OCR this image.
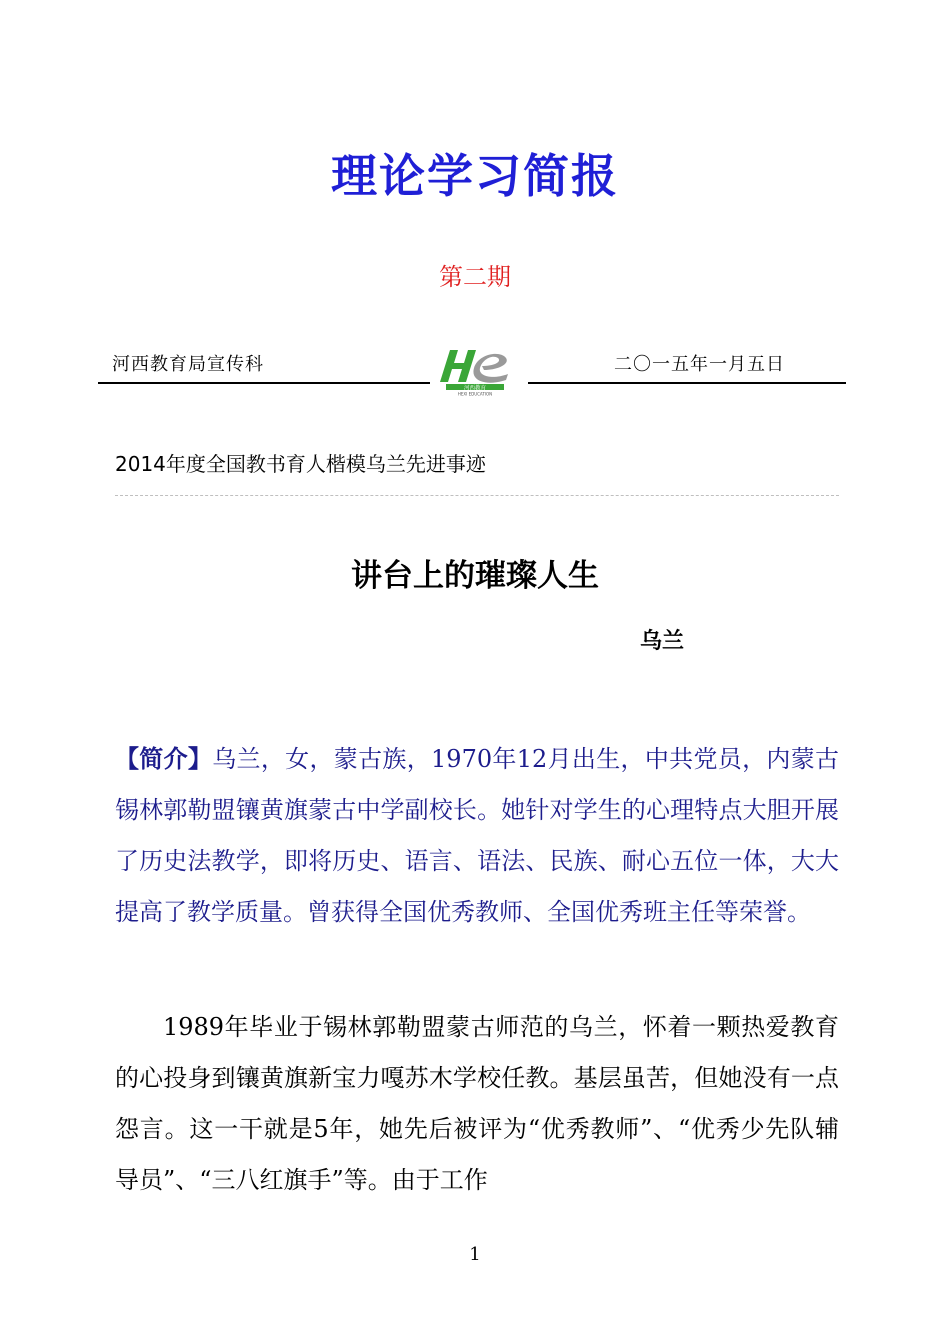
理论学习简报
第二期
河西教育局宣传科	二〇一五年一月五日
河西教育
HEXI EDUCATION
2014年度全国教书育人楷模乌兰先进事迹
讲台上的璀璨人生
乌兰

【简介】乌兰，女，蒙古族，1970年12月出生，中共党员，内蒙古锡林郭勒盟镶黄旗蒙古中学副校长。她针对学生的心理特点大胆开展了历史法教学，即将历史、语言、语法、民族、耐心五位一体，大大提高了教学质量。曾获得全国优秀教师、全国优秀班主任等荣誉。

1989年毕业于锡林郭勒盟蒙古师范的乌兰，怀着一颗热爱教育的心投身到镶黄旗新宝力嘎苏木学校任教。基层虽苦，但她没有一点怨言。这一干就是5年，她先后被评为“优秀教师”、“优秀少先队辅导员”、“三八红旗手”等。由于工作

1
